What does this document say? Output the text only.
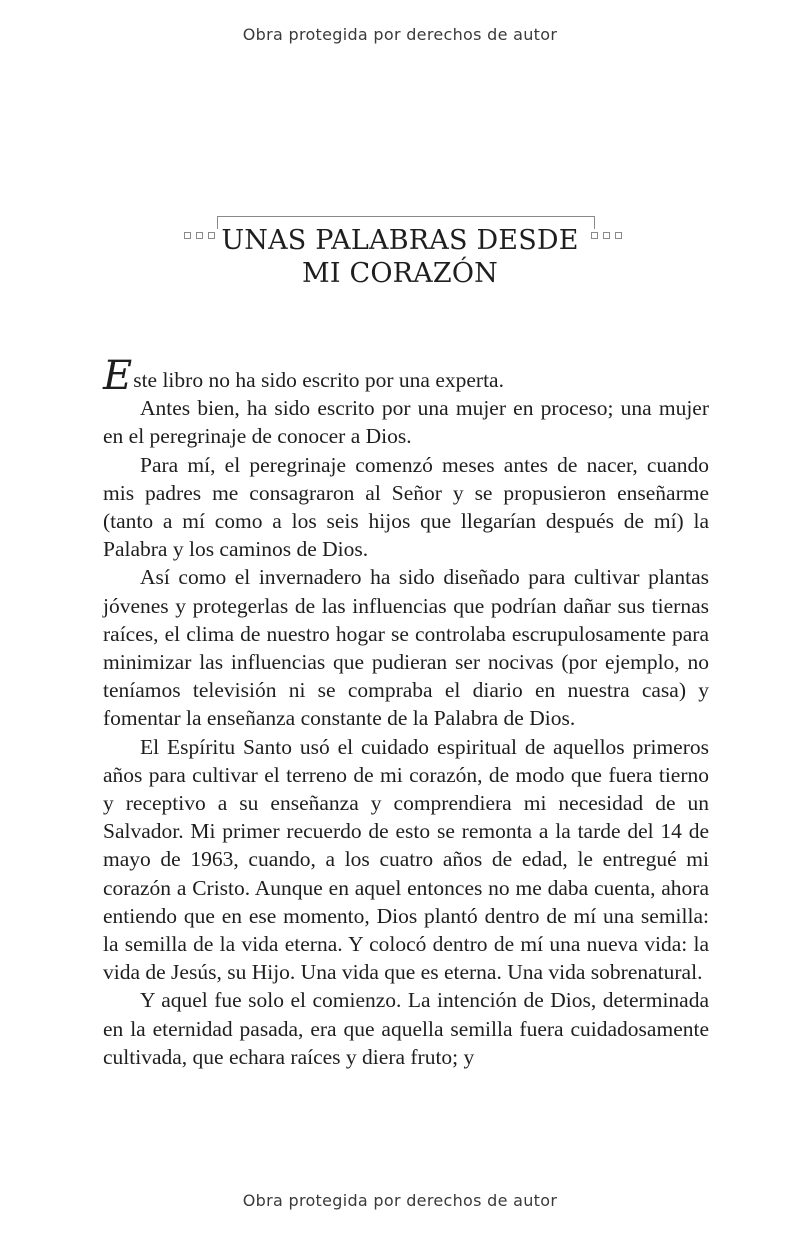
Obra protegida por derechos de autor

UNAS PALABRAS DESDE
MI CORAZÓN

Este libro no ha sido escrito por una experta.

Antes bien, ha sido escrito por una mujer en proceso; una mujer en el peregrinaje de conocer a Dios.

Para mí, el peregrinaje comenzó meses antes de nacer, cuando mis padres me consagraron al Señor y se propusieron enseñarme (tanto a mí como a los seis hijos que llegarían después de mí) la Palabra y los caminos de Dios.

Así como el invernadero ha sido diseñado para cultivar plantas jóvenes y protegerlas de las influencias que podrían dañar sus tiernas raíces, el clima de nuestro hogar se controlaba escrupulosamente para minimizar las influencias que pudieran ser nocivas (por ejemplo, no teníamos televisión ni se compraba el diario en nuestra casa) y fomentar la enseñanza constante de la Palabra de Dios.

El Espíritu Santo usó el cuidado espiritual de aquellos primeros años para cultivar el terreno de mi corazón, de modo que fuera tierno y receptivo a su enseñanza y comprendiera mi necesidad de un Salvador. Mi primer recuerdo de esto se remonta a la tarde del 14 de mayo de 1963, cuando, a los cuatro años de edad, le entregué mi corazón a Cristo. Aunque en aquel entonces no me daba cuenta, ahora entiendo que en ese momento, Dios plantó dentro de mí una semilla: la semilla de la vida eterna. Y colocó dentro de mí una nueva vida: la vida de Jesús, su Hijo. Una vida que es eterna. Una vida sobrenatural.

Y aquel fue solo el comienzo. La intención de Dios, determinada en la eternidad pasada, era que aquella semilla fuera cuidadosamente cultivada, que echara raíces y diera fruto; y

Obra protegida por derechos de autor
